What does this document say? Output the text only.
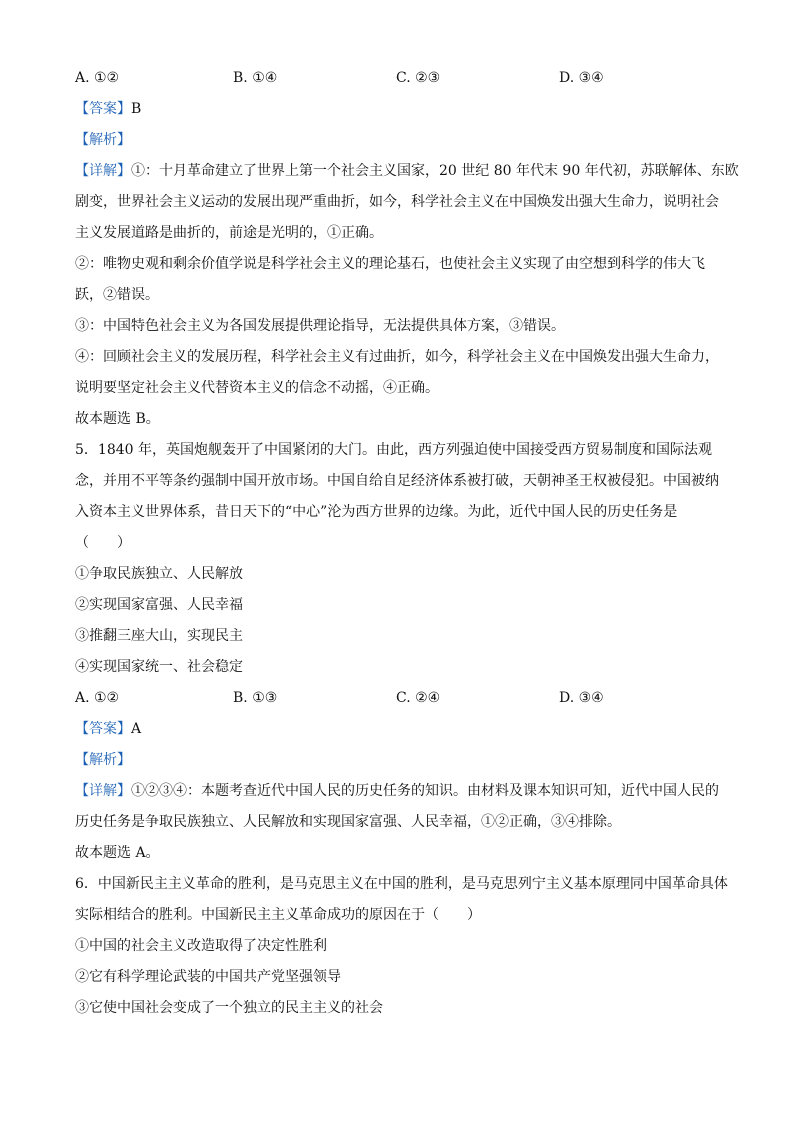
A. ①②	B. ①④	C. ②③	D. ③④
【答案】B
【解析】
【详解】①：十月革命建立了世界上第一个社会主义国家，20 世纪 80 年代末 90 年代初，苏联解体、东欧
剧变，世界社会主义运动的发展出现严重曲折，如今，科学社会主义在中国焕发出强大生命力，说明社会
主义发展道路是曲折的，前途是光明的，①正确。
②：唯物史观和剩余价值学说是科学社会主义的理论基石，也使社会主义实现了由空想到科学的伟大飞
跃，②错误。
③：中国特色社会主义为各国发展提供理论指导，无法提供具体方案，③错误。
④：回顾社会主义的发展历程，科学社会主义有过曲折，如今，科学社会主义在中国焕发出强大生命力，
说明要坚定社会主义代替资本主义的信念不动摇，④正确。
故本题选 B。
5．1840 年，英国炮舰轰开了中国紧闭的大门。由此，西方列强迫使中国接受西方贸易制度和国际法观
念，并用不平等条约强制中国开放市场。中国自给自足经济体系被打破，天朝神圣王权被侵犯。中国被纳
入资本主义世界体系，昔日天下的“中心”沦为西方世界的边缘。为此，近代中国人民的历史任务是
（　　）
①争取民族独立、人民解放
②实现国家富强、人民幸福
③推翻三座大山，实现民主
④实现国家统一、社会稳定
A. ①②	B. ①③	C. ②④	D. ③④
【答案】A
【解析】
【详解】①②③④：本题考查近代中国人民的历史任务的知识。由材料及课本知识可知，近代中国人民的
历史任务是争取民族独立、人民解放和实现国家富强、人民幸福，①②正确，③④排除。
故本题选 A。
6．中国新民主主义革命的胜利，是马克思主义在中国的胜利，是马克思列宁主义基本原理同中国革命具体
实际相结合的胜利。中国新民主主义革命成功的原因在于（　　）
①中国的社会主义改造取得了决定性胜利
②它有科学理论武装的中国共产党坚强领导
③它使中国社会变成了一个独立的民主主义的社会
